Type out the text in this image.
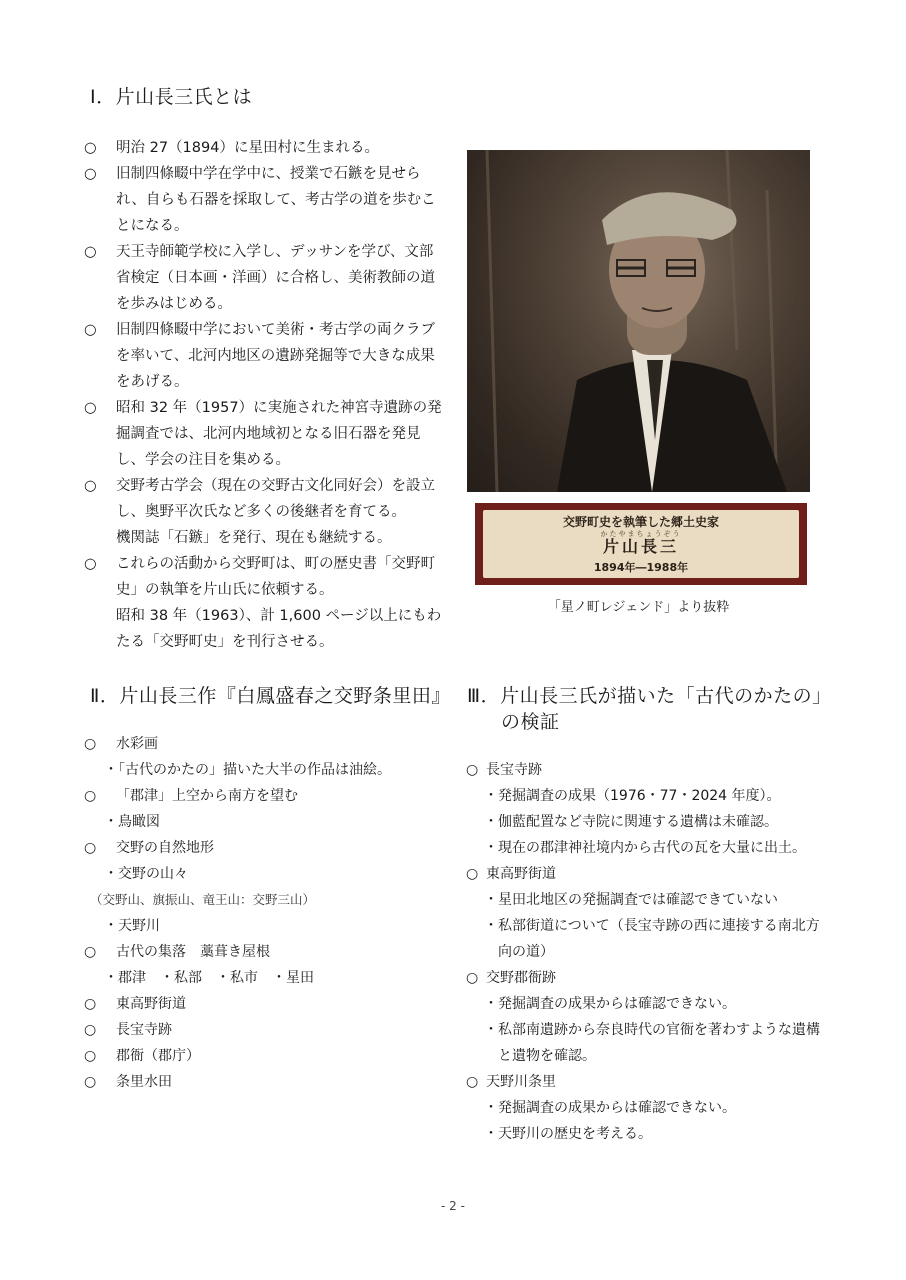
Ⅰ．片山長三氏とは
○ 明治 27（1894）に星田村に生まれる。
○ 旧制四條畷中学在学中に、授業で石鏃を見せられ、自らも石器を採取して、考古学の道を歩むことになる。
○ 天王寺師範学校に入学し、デッサンを学び、文部省検定（日本画・洋画）に合格し、美術教師の道を歩みはじめる。
○ 旧制四條畷中学において美術・考古学の両クラブを率いて、北河内地区の遺跡発掘等で大きな成果をあげる。
○ 昭和 32 年（1957）に実施された神宮寺遺跡の発掘調査では、北河内地域初となる旧石器を発見し、学会の注目を集める。
○ 交野考古学会（現在の交野古文化同好会）を設立し、奥野平次氏など多くの後継者を育てる。
機関誌「石鏃」を発行、現在も継続する。
○ これらの活動から交野町は、町の歴史書「交野町史」の執筆を片山氏に依頼する。
昭和 38 年（1963）、計 1,600 ページ以上にもわたる「交野町史」を刊行させる。
交野町史を執筆した郷土史家
かたやまちょうぞう
片山長三
1894年―1988年
「星ノ町レジェンド」より抜粋
Ⅱ．片山長三作『白鳳盛春之交野条里田』
○ 水彩画
・「古代のかたの」描いた大半の作品は油絵。
○ 「郡津」上空から南方を望む
・鳥瞰図
○ 交野の自然地形
・交野の山々
（交野山、旗振山、竜王山：交野三山）
・天野川
○ 古代の集落　藁葺き屋根
・郡津　・私部　・私市　・星田
○ 東高野街道
○ 長宝寺跡
○ 郡衙（郡庁）
○ 条里水田
Ⅲ．片山長三氏が描いた「古代のかたの」
の検証
○ 長宝寺跡
・発掘調査の成果（1976・77・2024 年度）。
・伽藍配置など寺院に関連する遺構は未確認。
・現在の郡津神社境内から古代の瓦を大量に出土。
○ 東高野街道
・星田北地区の発掘調査では確認できていない
・私部街道について（長宝寺跡の西に連接する南北方向の道）
○ 交野郡衙跡
・発掘調査の成果からは確認できない。
・私部南遺跡から奈良時代の官衙を著わすような遺構と遺物を確認。
○ 天野川条里
・発掘調査の成果からは確認できない。
・天野川の歴史を考える。
- 2 -
